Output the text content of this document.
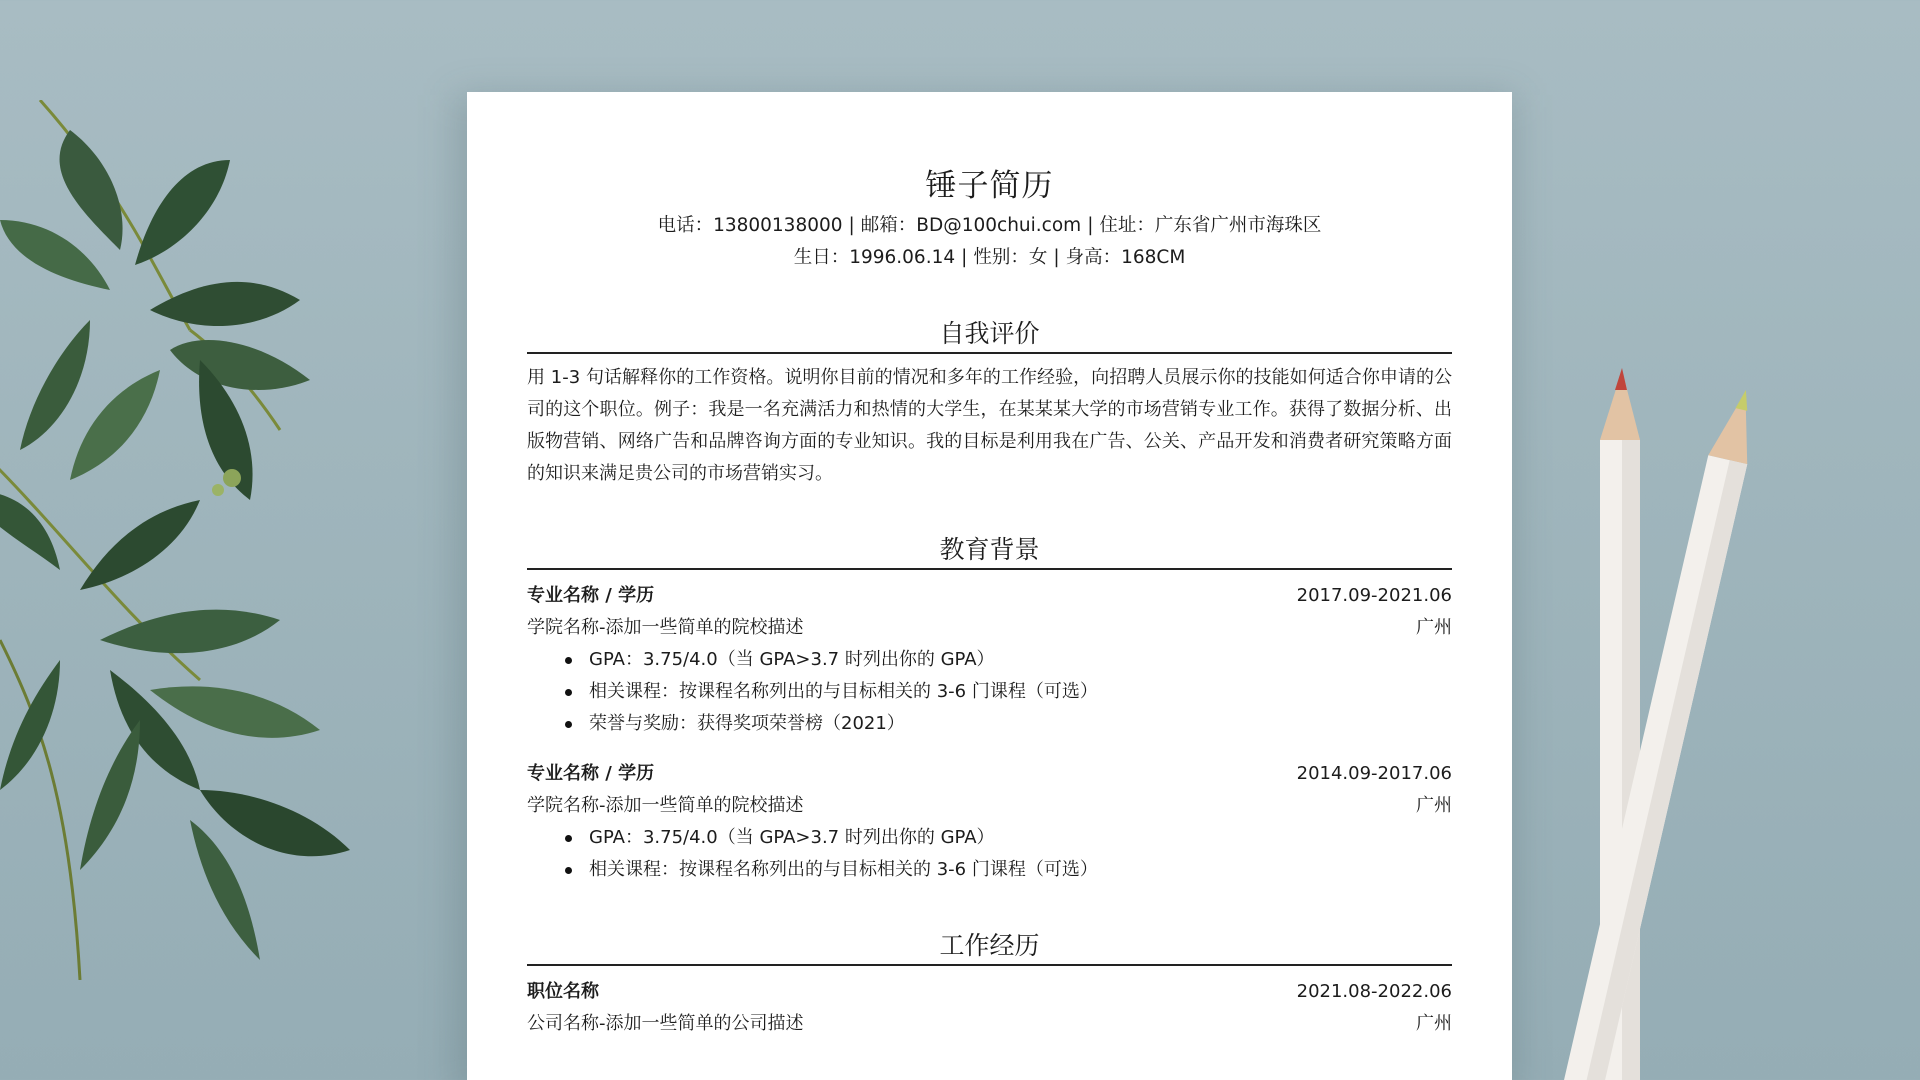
锤子简历
电话：13800138000 | 邮箱：BD@100chui.com | 住址：广东省广州市海珠区
生日：1996.06.14 | 性别：女 | 身高：168CM
自我评价
用 1-3 句话解释你的工作资格。说明你目前的情况和多年的工作经验，向招聘人员展示你的技能如何适合你申请的公司的这个职位。例子：我是一名充满活力和热情的大学生，在某某某大学的市场营销专业工作。获得了数据分析、出版物营销、网络广告和品牌咨询方面的专业知识。我的目标是利用我在广告、公关、产品开发和消费者研究策略方面的知识来满足贵公司的市场营销实习。
教育背景
专业名称 / 学历	2017.09-2021.06
学院名称-添加一些简单的院校描述	广州
GPA：3.75/4.0（当 GPA>3.7 时列出你的 GPA）
相关课程：按课程名称列出的与目标相关的 3-6 门课程（可选）
荣誉与奖励：获得奖项荣誉榜（2021）
专业名称 / 学历	2014.09-2017.06
学院名称-添加一些简单的院校描述	广州
GPA：3.75/4.0（当 GPA>3.7 时列出你的 GPA）
相关课程：按课程名称列出的与目标相关的 3-6 门课程（可选）
工作经历
职位名称	2021.08-2022.06
公司名称-添加一些简单的公司描述	广州
